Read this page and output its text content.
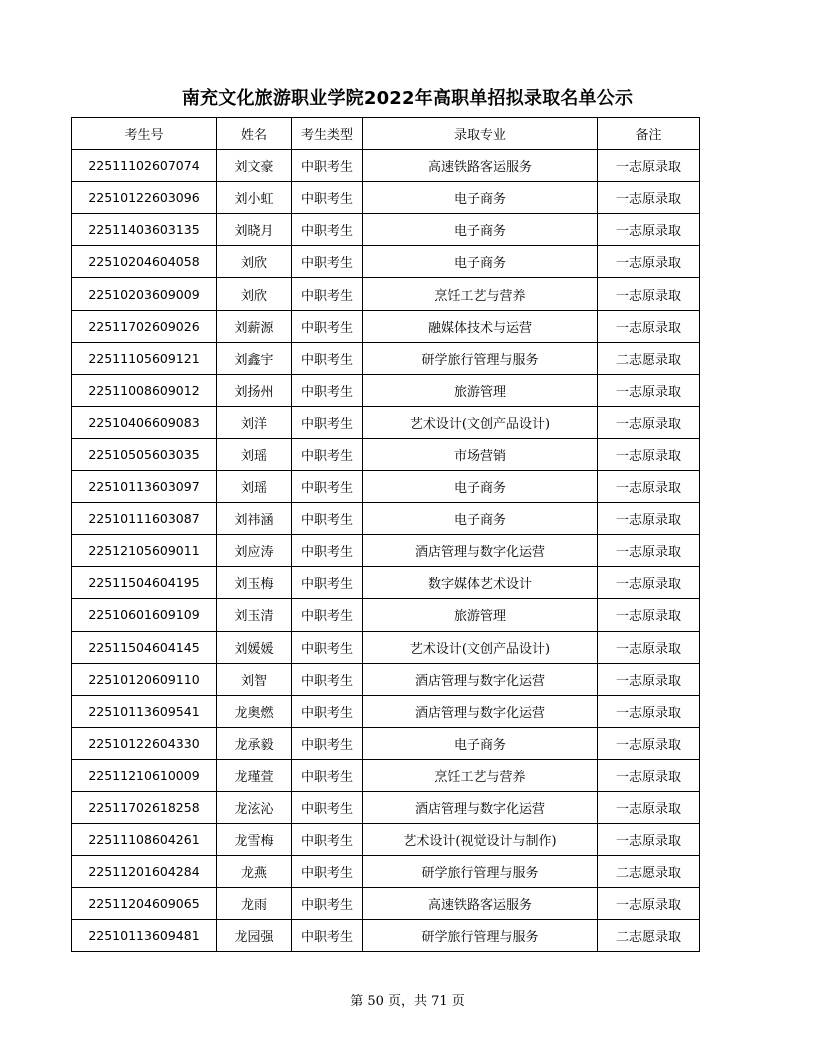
南充文化旅游职业学院2022年高职单招拟录取名单公示
考生号	姓名	考生类型	录取专业	备注
22511102607074	刘文豪	中职考生	高速铁路客运服务	一志原录取
22510122603096	刘小虹	中职考生	电子商务	一志原录取
22511403603135	刘晓月	中职考生	电子商务	一志原录取
22510204604058	刘欣	中职考生	电子商务	一志原录取
22510203609009	刘欣	中职考生	烹饪工艺与营养	一志原录取
22511702609026	刘薪源	中职考生	融媒体技术与运营	一志原录取
22511105609121	刘鑫宇	中职考生	研学旅行管理与服务	二志愿录取
22511008609012	刘扬州	中职考生	旅游管理	一志原录取
22510406609083	刘洋	中职考生	艺术设计(文创产品设计)	一志原录取
22510505603035	刘瑶	中职考生	市场营销	一志原录取
22510113603097	刘瑶	中职考生	电子商务	一志原录取
22510111603087	刘祎涵	中职考生	电子商务	一志原录取
22512105609011	刘应涛	中职考生	酒店管理与数字化运营	一志原录取
22511504604195	刘玉梅	中职考生	数字媒体艺术设计	一志原录取
22510601609109	刘玉清	中职考生	旅游管理	一志原录取
22511504604145	刘媛媛	中职考生	艺术设计(文创产品设计)	一志原录取
22510120609110	刘智	中职考生	酒店管理与数字化运营	一志原录取
22510113609541	龙奥燃	中职考生	酒店管理与数字化运营	一志原录取
22510122604330	龙承毅	中职考生	电子商务	一志原录取
22511210610009	龙瑾萱	中职考生	烹饪工艺与营养	一志原录取
22511702618258	龙泫沁	中职考生	酒店管理与数字化运营	一志原录取
22511108604261	龙雪梅	中职考生	艺术设计(视觉设计与制作)	一志原录取
22511201604284	龙燕	中职考生	研学旅行管理与服务	二志愿录取
22511204609065	龙雨	中职考生	高速铁路客运服务	一志原录取
22510113609481	龙园强	中职考生	研学旅行管理与服务	二志愿录取
第 50 页，共 71 页
